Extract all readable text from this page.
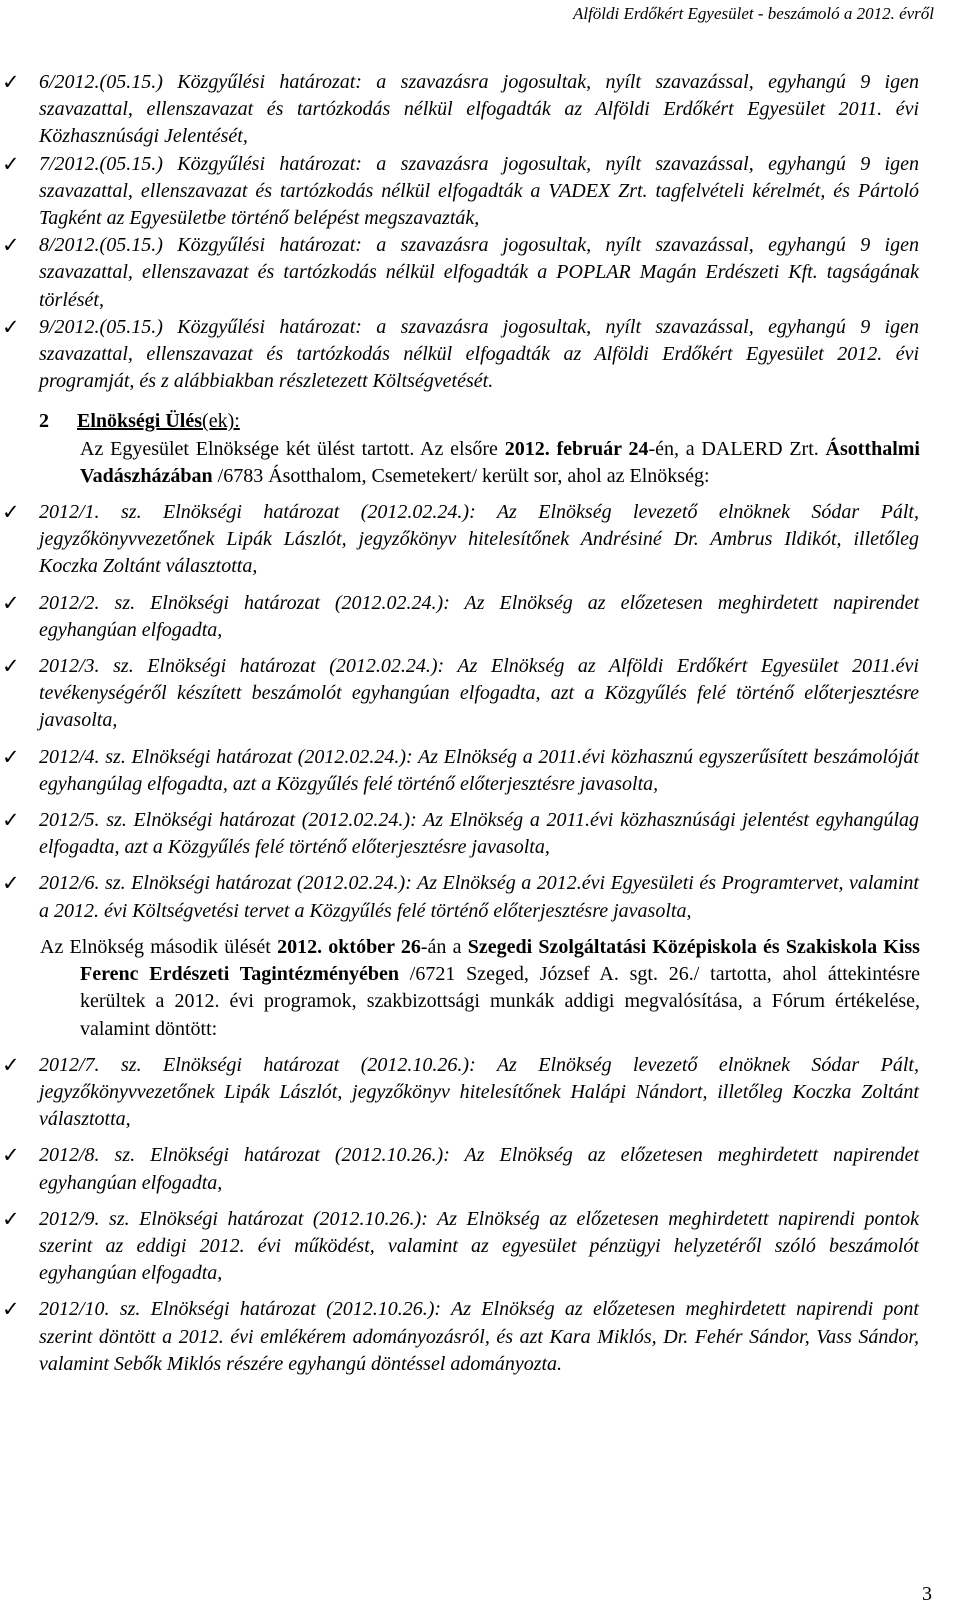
Alföldi Erdőkért Egyesület - beszámoló a 2012. évről
✓ 6/2012.(05.15.) Közgyűlési határozat: a szavazásra jogosultak, nyílt szavazással, egyhangú 9 igen szavazattal, ellenszavazat és tartózkodás nélkül elfogadták az Alföldi Erdőkért Egyesület 2011. évi Közhasznúsági Jelentését,
✓ 7/2012.(05.15.) Közgyűlési határozat: a szavazásra jogosultak, nyílt szavazással, egyhangú 9 igen szavazattal, ellenszavazat és tartózkodás nélkül elfogadták a VADEX Zrt. tagfelvételi kérelmét, és Pártoló Tagként az Egyesületbe történő belépést megszavazták,
✓ 8/2012.(05.15.) Közgyűlési határozat: a szavazásra jogosultak, nyílt szavazással, egyhangú 9 igen szavazattal, ellenszavazat és tartózkodás nélkül elfogadták a POPLAR Magán Erdészeti Kft. tagságának törlését,
✓ 9/2012.(05.15.) Közgyűlési határozat: a szavazásra jogosultak, nyílt szavazással, egyhangú 9 igen szavazattal, ellenszavazat és tartózkodás nélkül elfogadták az Alföldi Erdőkért Egyesület 2012. évi programját, és z alábbiakban részletezett Költségvetését.
2 Elnökségi Ülés(ek):
Az Egyesület Elnöksége két ülést tartott. Az elsőre 2012. február 24-én, a DALERD Zrt. Ásotthalmi Vadászházában /6783 Ásotthalom, Csemetekert/ került sor, ahol az Elnökség:
✓ 2012/1. sz. Elnökségi határozat (2012.02.24.): Az Elnökség levezető elnöknek Sódar Pált, jegyzőkönyvvezetőnek Lipák Lászlót, jegyzőkönyv hitelesítőnek Andrésiné Dr. Ambrus Ildikót, illetőleg Koczka Zoltánt választotta,
✓ 2012/2. sz. Elnökségi határozat (2012.02.24.): Az Elnökség az előzetesen meghirdetett napirendet egyhangúan elfogadta,
✓ 2012/3. sz. Elnökségi határozat (2012.02.24.): Az Elnökség az Alföldi Erdőkért Egyesület 2011.évi tevékenységéről készített beszámolót egyhangúan elfogadta, azt a Közgyűlés felé történő előterjesztésre javasolta,
✓ 2012/4. sz. Elnökségi határozat (2012.02.24.): Az Elnökség a 2011.évi közhasznú egyszerűsített beszámolóját egyhangúlag elfogadta, azt a Közgyűlés felé történő előterjesztésre javasolta,
✓ 2012/5. sz. Elnökségi határozat (2012.02.24.): Az Elnökség a 2011.évi közhasznúsági jelentést egyhangúlag elfogadta, azt a Közgyűlés felé történő előterjesztésre javasolta,
✓ 2012/6. sz. Elnökségi határozat (2012.02.24.): Az Elnökség a 2012.évi Egyesületi és Programtervet, valamint a 2012. évi Költségvetési tervet a Közgyűlés felé történő előterjesztésre javasolta,
Az Elnökség második ülését 2012. október 26-án a Szegedi Szolgáltatási Középiskola és Szakiskola Kiss Ferenc Erdészeti Tagintézményében /6721 Szeged, József A. sgt. 26./ tartotta, ahol áttekintésre kerültek a 2012. évi programok, szakbizottsági munkák addigi megvalósítása, a Fórum értékelése, valamint döntött:
✓ 2012/7. sz. Elnökségi határozat (2012.10.26.): Az Elnökség levezető elnöknek Sódar Pált, jegyzőkönyvvezetőnek Lipák Lászlót, jegyzőkönyv hitelesítőnek Halápi Nándort, illetőleg Koczka Zoltánt választotta,
✓ 2012/8. sz. Elnökségi határozat (2012.10.26.): Az Elnökség az előzetesen meghirdetett napirendet egyhangúan elfogadta,
✓ 2012/9. sz. Elnökségi határozat (2012.10.26.): Az Elnökség az előzetesen meghirdetett napirendi pontok szerint az eddigi 2012. évi működést, valamint az egyesület pénzügyi helyzetéről szóló beszámolót egyhangúan elfogadta,
✓ 2012/10. sz. Elnökségi határozat (2012.10.26.): Az Elnökség az előzetesen meghirdetett napirendi pont szerint döntött a 2012. évi emlékérem adományozásról, és azt Kara Miklós, Dr. Fehér Sándor, Vass Sándor, valamint Sebők Miklós részére egyhangú döntéssel adományozta.
3
